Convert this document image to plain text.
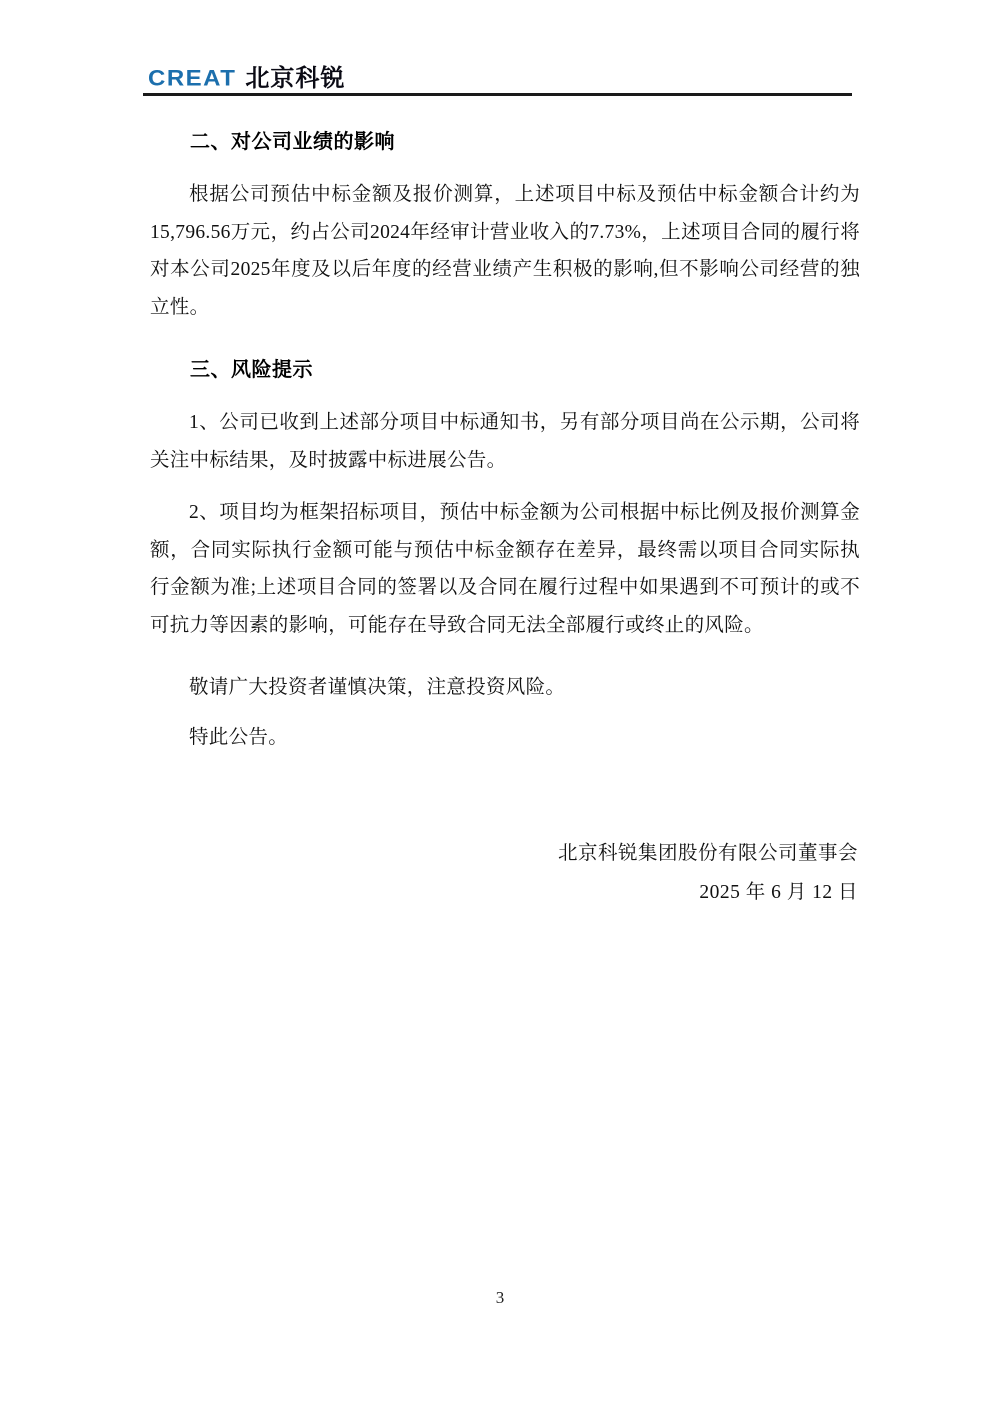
CREAT 北京科锐
二、对公司业绩的影响

根据公司预估中标金额及报价测算，上述项目中标及预估中标金额合计约为15,796.56万元，约占公司2024年经审计营业收入的7.73%，上述项目合同的履行将对本公司2025年度及以后年度的经营业绩产生积极的影响,但不影响公司经营的独立性。

三、风险提示

1、公司已收到上述部分项目中标通知书，另有部分项目尚在公示期，公司将关注中标结果，及时披露中标进展公告。

2、项目均为框架招标项目，预估中标金额为公司根据中标比例及报价测算金额，合同实际执行金额可能与预估中标金额存在差异，最终需以项目合同实际执行金额为准;上述项目合同的签署以及合同在履行过程中如果遇到不可预计的或不可抗力等因素的影响，可能存在导致合同无法全部履行或终止的风险。

敬请广大投资者谨慎决策，注意投资风险。

特此公告。

北京科锐集团股份有限公司董事会
2025 年 6 月 12 日
3
